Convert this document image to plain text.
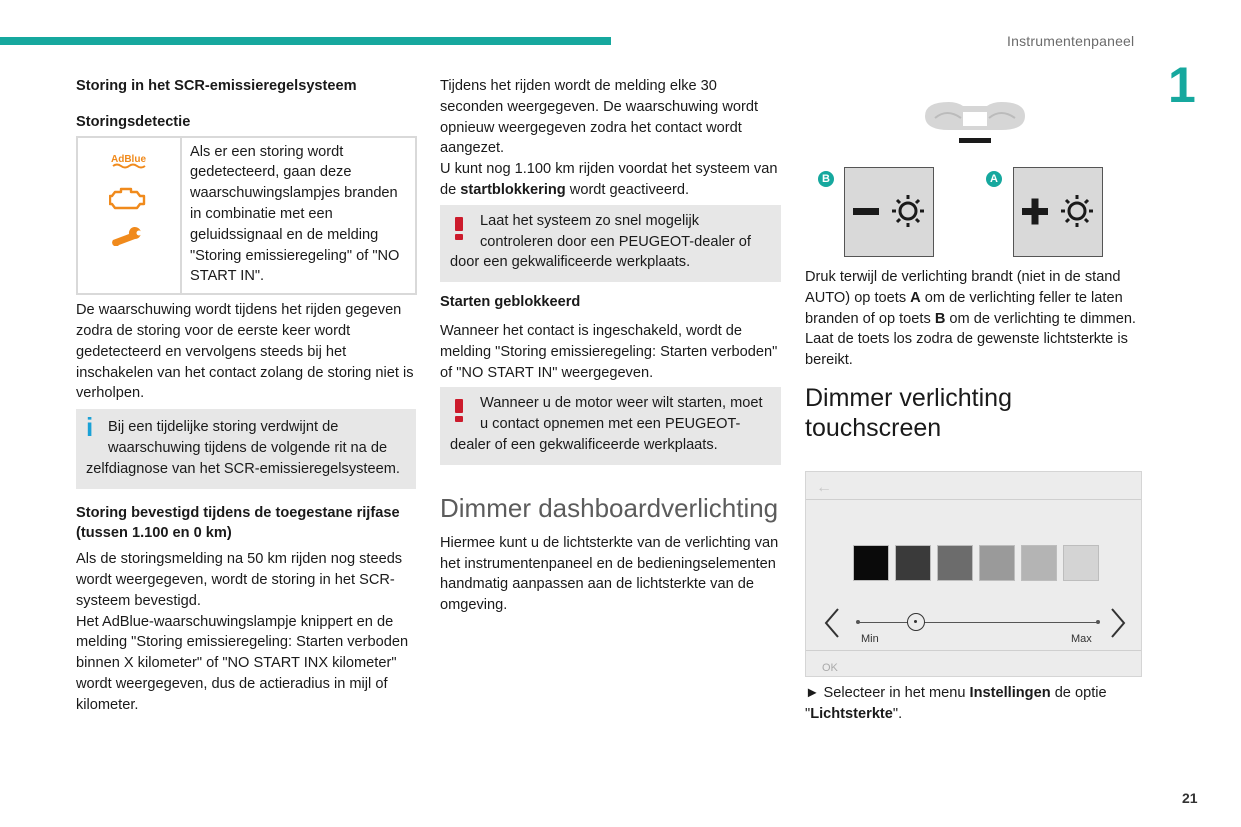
Instrumentenpaneel
1

Storing in het SCR-emissieregelsysteem

Storingsdetectie

AdBlue	Als er een storing wordt gedetecteerd, gaan deze waarschuwingslampjes branden in combinatie met een geluidssignaal en de melding "Storing emissieregeling" of "NO START IN".

De waarschuwing wordt tijdens het rijden gegeven zodra de storing voor de eerste keer wordt gedetecteerd en vervolgens steeds bij het inschakelen van het contact zolang de storing niet is verholpen.

i	Bij een tijdelijke storing verdwijnt de waarschuwing tijdens de volgende rit na de zelfdiagnose van het SCR-emissieregelsysteem.

Storing bevestigd tijdens de toegestane rijfase (tussen 1.100 en 0 km)

Als de storingsmelding na 50 km rijden nog steeds wordt weergegeven, wordt de storing in het SCR-systeem bevestigd.

Het AdBlue-waarschuwingslampje knippert en de melding "Storing emissieregeling: Starten verboden binnen X kilometer" of "NO START INX kilometer" wordt weergegeven, dus de actieradius in mijl of kilometer.

Tijdens het rijden wordt de melding elke 30 seconden weergegeven. De waarschuwing wordt opnieuw weergegeven zodra het contact wordt aangezet.

U kunt nog 1.100 km rijden voordat het systeem van de startblokkering wordt geactiveerd.

Laat het systeem zo snel mogelijk controleren door een PEUGEOT-dealer of door een gekwalificeerde werkplaats.

Starten geblokkeerd

Wanneer het contact is ingeschakeld, wordt de melding "Storing emissieregeling: Starten verboden" of "NO START IN" weergegeven.

Wanneer u de motor weer wilt starten, moet u contact opnemen met een PEUGEOT-dealer of een gekwalificeerde werkplaats.

Dimmer dashboardverlichting

Hiermee kunt u de lichtsterkte van de verlichting van het instrumentenpaneel en de bedieningselementen handmatig aanpassen aan de lichtsterkte van de omgeving.

B	A

Druk terwijl de verlichting brandt (niet in de stand AUTO) op toets A om de verlichting feller te laten branden of op toets B om de verlichting te dimmen.

Laat de toets los zodra de gewenste lichtsterkte is bereikt.

Dimmer verlichting touchscreen

←
Min	Max
OK

► Selecteer in het menu Instellingen de optie "Lichtsterkte".

21
